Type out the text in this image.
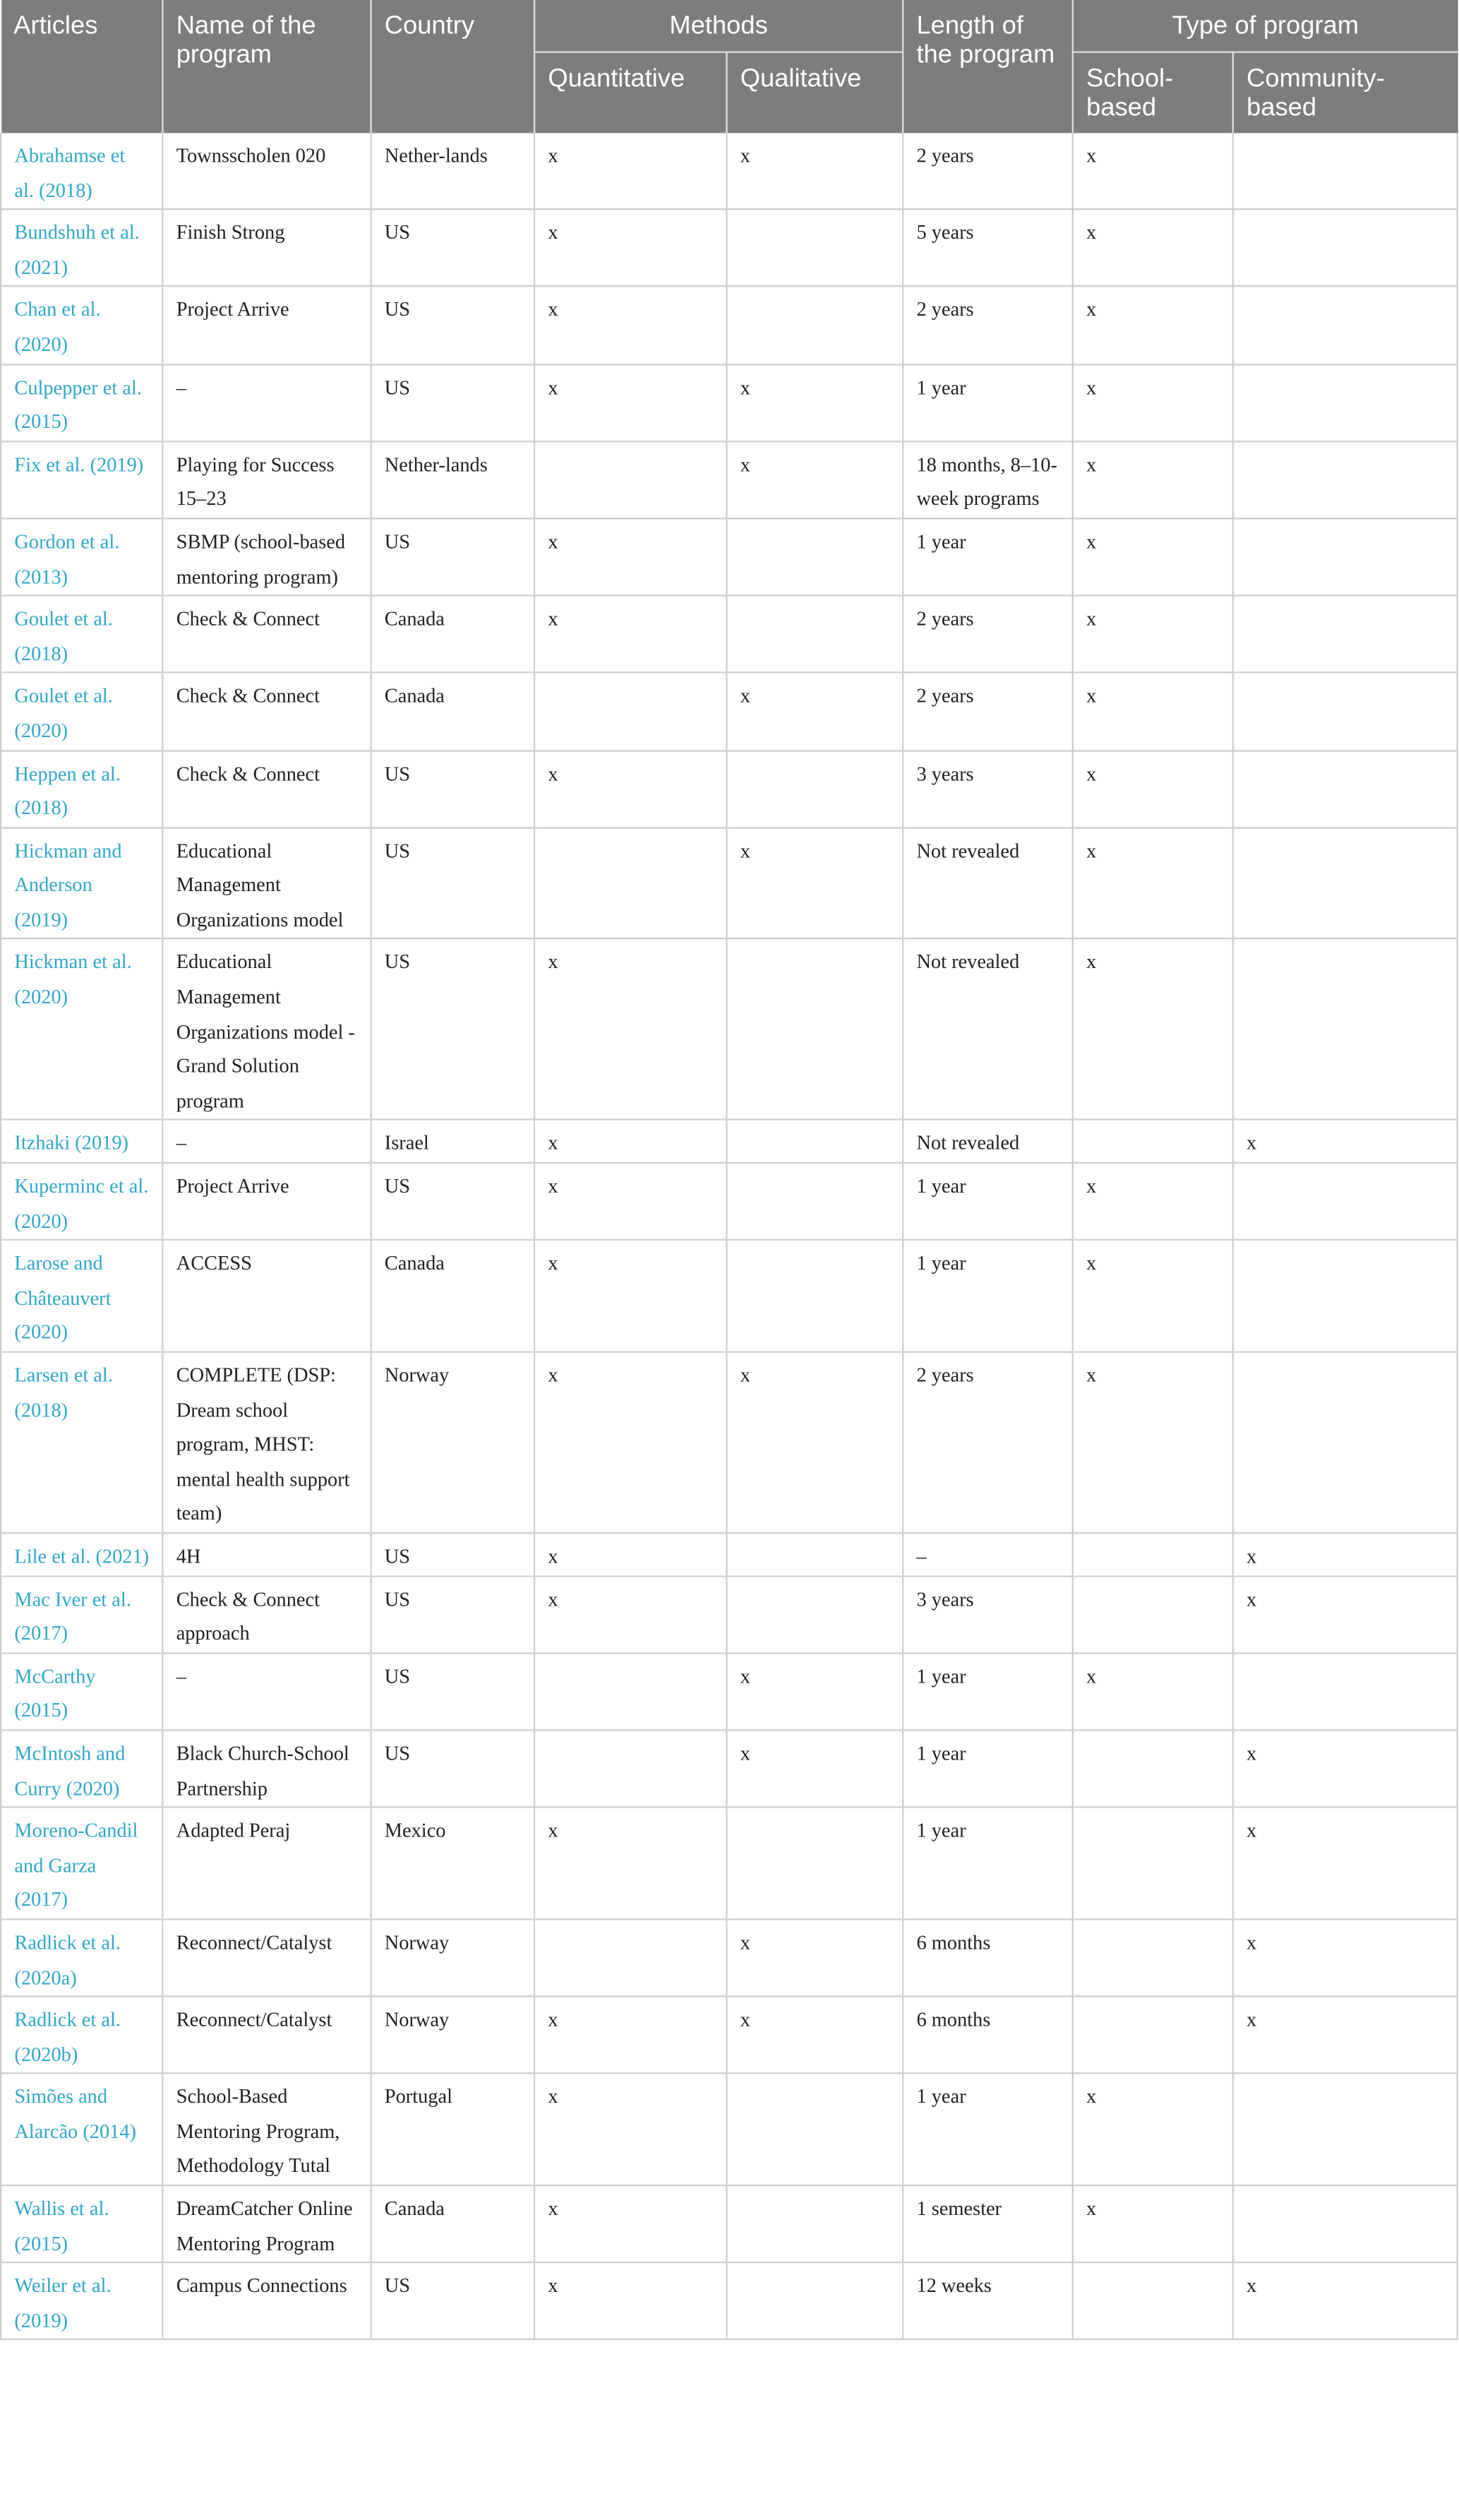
Articles	Name of the program	Country	Methods		Length of the program	Type of program	
			Quantitative	Qualitative		School-based	Community-based
Abrahamse et al. (2018)	Townsscholen 020	Nether-lands	x	x	2 years	x	
Bundshuh et al. (2021)	Finish Strong	US	x		5 years	x	
Chan et al. (2020)	Project Arrive	US	x		2 years	x	
Culpepper et al. (2015)	–	US	x	x	1 year	x	
Fix et al. (2019)	Playing for Success 15–23	Nether-lands		x	18 months, 8–10-week programs	x	
Gordon et al. (2013)	SBMP (school-based mentoring program)	US	x		1 year	x	
Goulet et al. (2018)	Check & Connect	Canada	x		2 years	x	
Goulet et al. (2020)	Check & Connect	Canada		x	2 years	x	
Heppen et al. (2018)	Check & Connect	US	x		3 years	x	
Hickman and Anderson (2019)	Educational Management Organizations model	US		x	Not revealed	x	
Hickman et al. (2020)	Educational Management Organizations model - Grand Solution program	US	x		Not revealed	x	
Itzhaki (2019)	–	Israel	x		Not revealed		x
Kuperminc et al. (2020)	Project Arrive	US	x		1 year	x	
Larose and Châteauvert (2020)	ACCESS	Canada	x		1 year	x	
Larsen et al. (2018)	COMPLETE (DSP: Dream school program, MHST: mental health support team)	Norway	x	x	2 years	x	
Lile et al. (2021)	4H	US	x		–		x
Mac Iver et al. (2017)	Check & Connect approach	US	x		3 years		x
McCarthy (2015)	–	US		x	1 year	x	
McIntosh and Curry (2020)	Black Church-School Partnership	US		x	1 year		x
Moreno-Candil and Garza (2017)	Adapted Peraj	Mexico	x		1 year		x
Radlick et al. (2020a)	Reconnect/Catalyst	Norway		x	6 months		x
Radlick et al. (2020b)	Reconnect/Catalyst	Norway	x	x	6 months		x
Simões and Alarcão (2014)	School-Based Mentoring Program, Methodology Tutal	Portugal	x		1 year	x	
Wallis et al. (2015)	DreamCatcher Online Mentoring Program	Canada	x		1 semester	x	
Weiler et al. (2019)	Campus Connections	US	x		12 weeks		x
